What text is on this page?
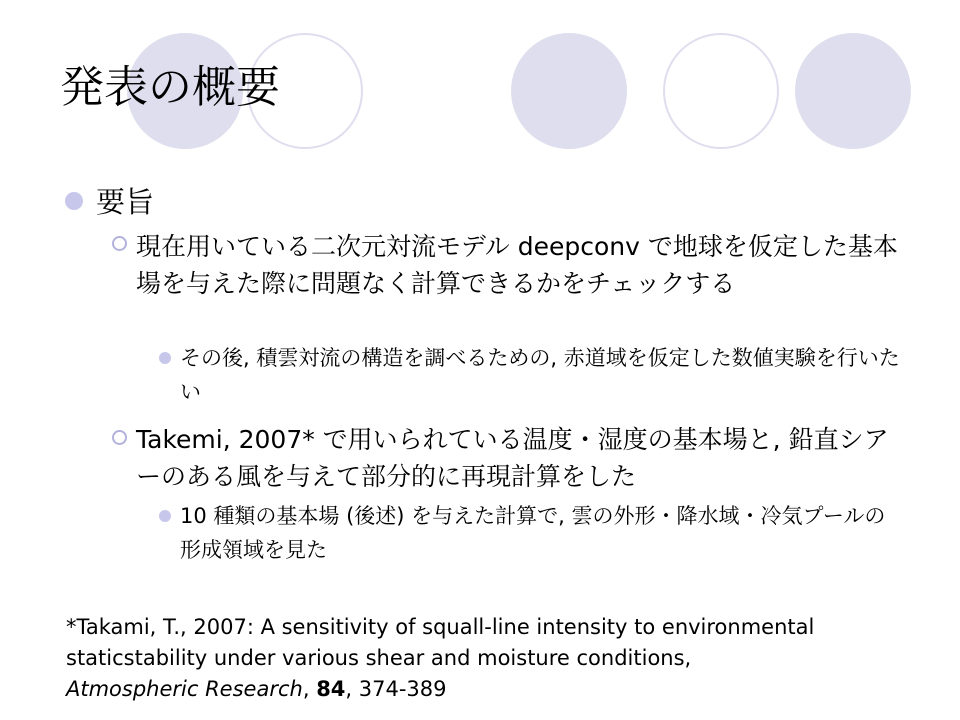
発表の概要
要旨
現在用いている二次元対流モデル deepconv で地球を仮定した基本場を与えた際に問題なく計算できるかをチェックする
その後, 積雲対流の構造を調べるための, 赤道域を仮定した数値実験を行いたい
Takemi, 2007* で用いられている温度・湿度の基本場と, 鉛直シアーのある風を与えて部分的に再現計算をした
10 種類の基本場 (後述) を与えた計算で, 雲の外形・降水域・冷気プールの形成領域を見た
*Takami, T., 2007: A sensitivity of squall-line intensity to environmental staticstability under various shear and moisture conditions,
Atmospheric Research, 84, 374-389
